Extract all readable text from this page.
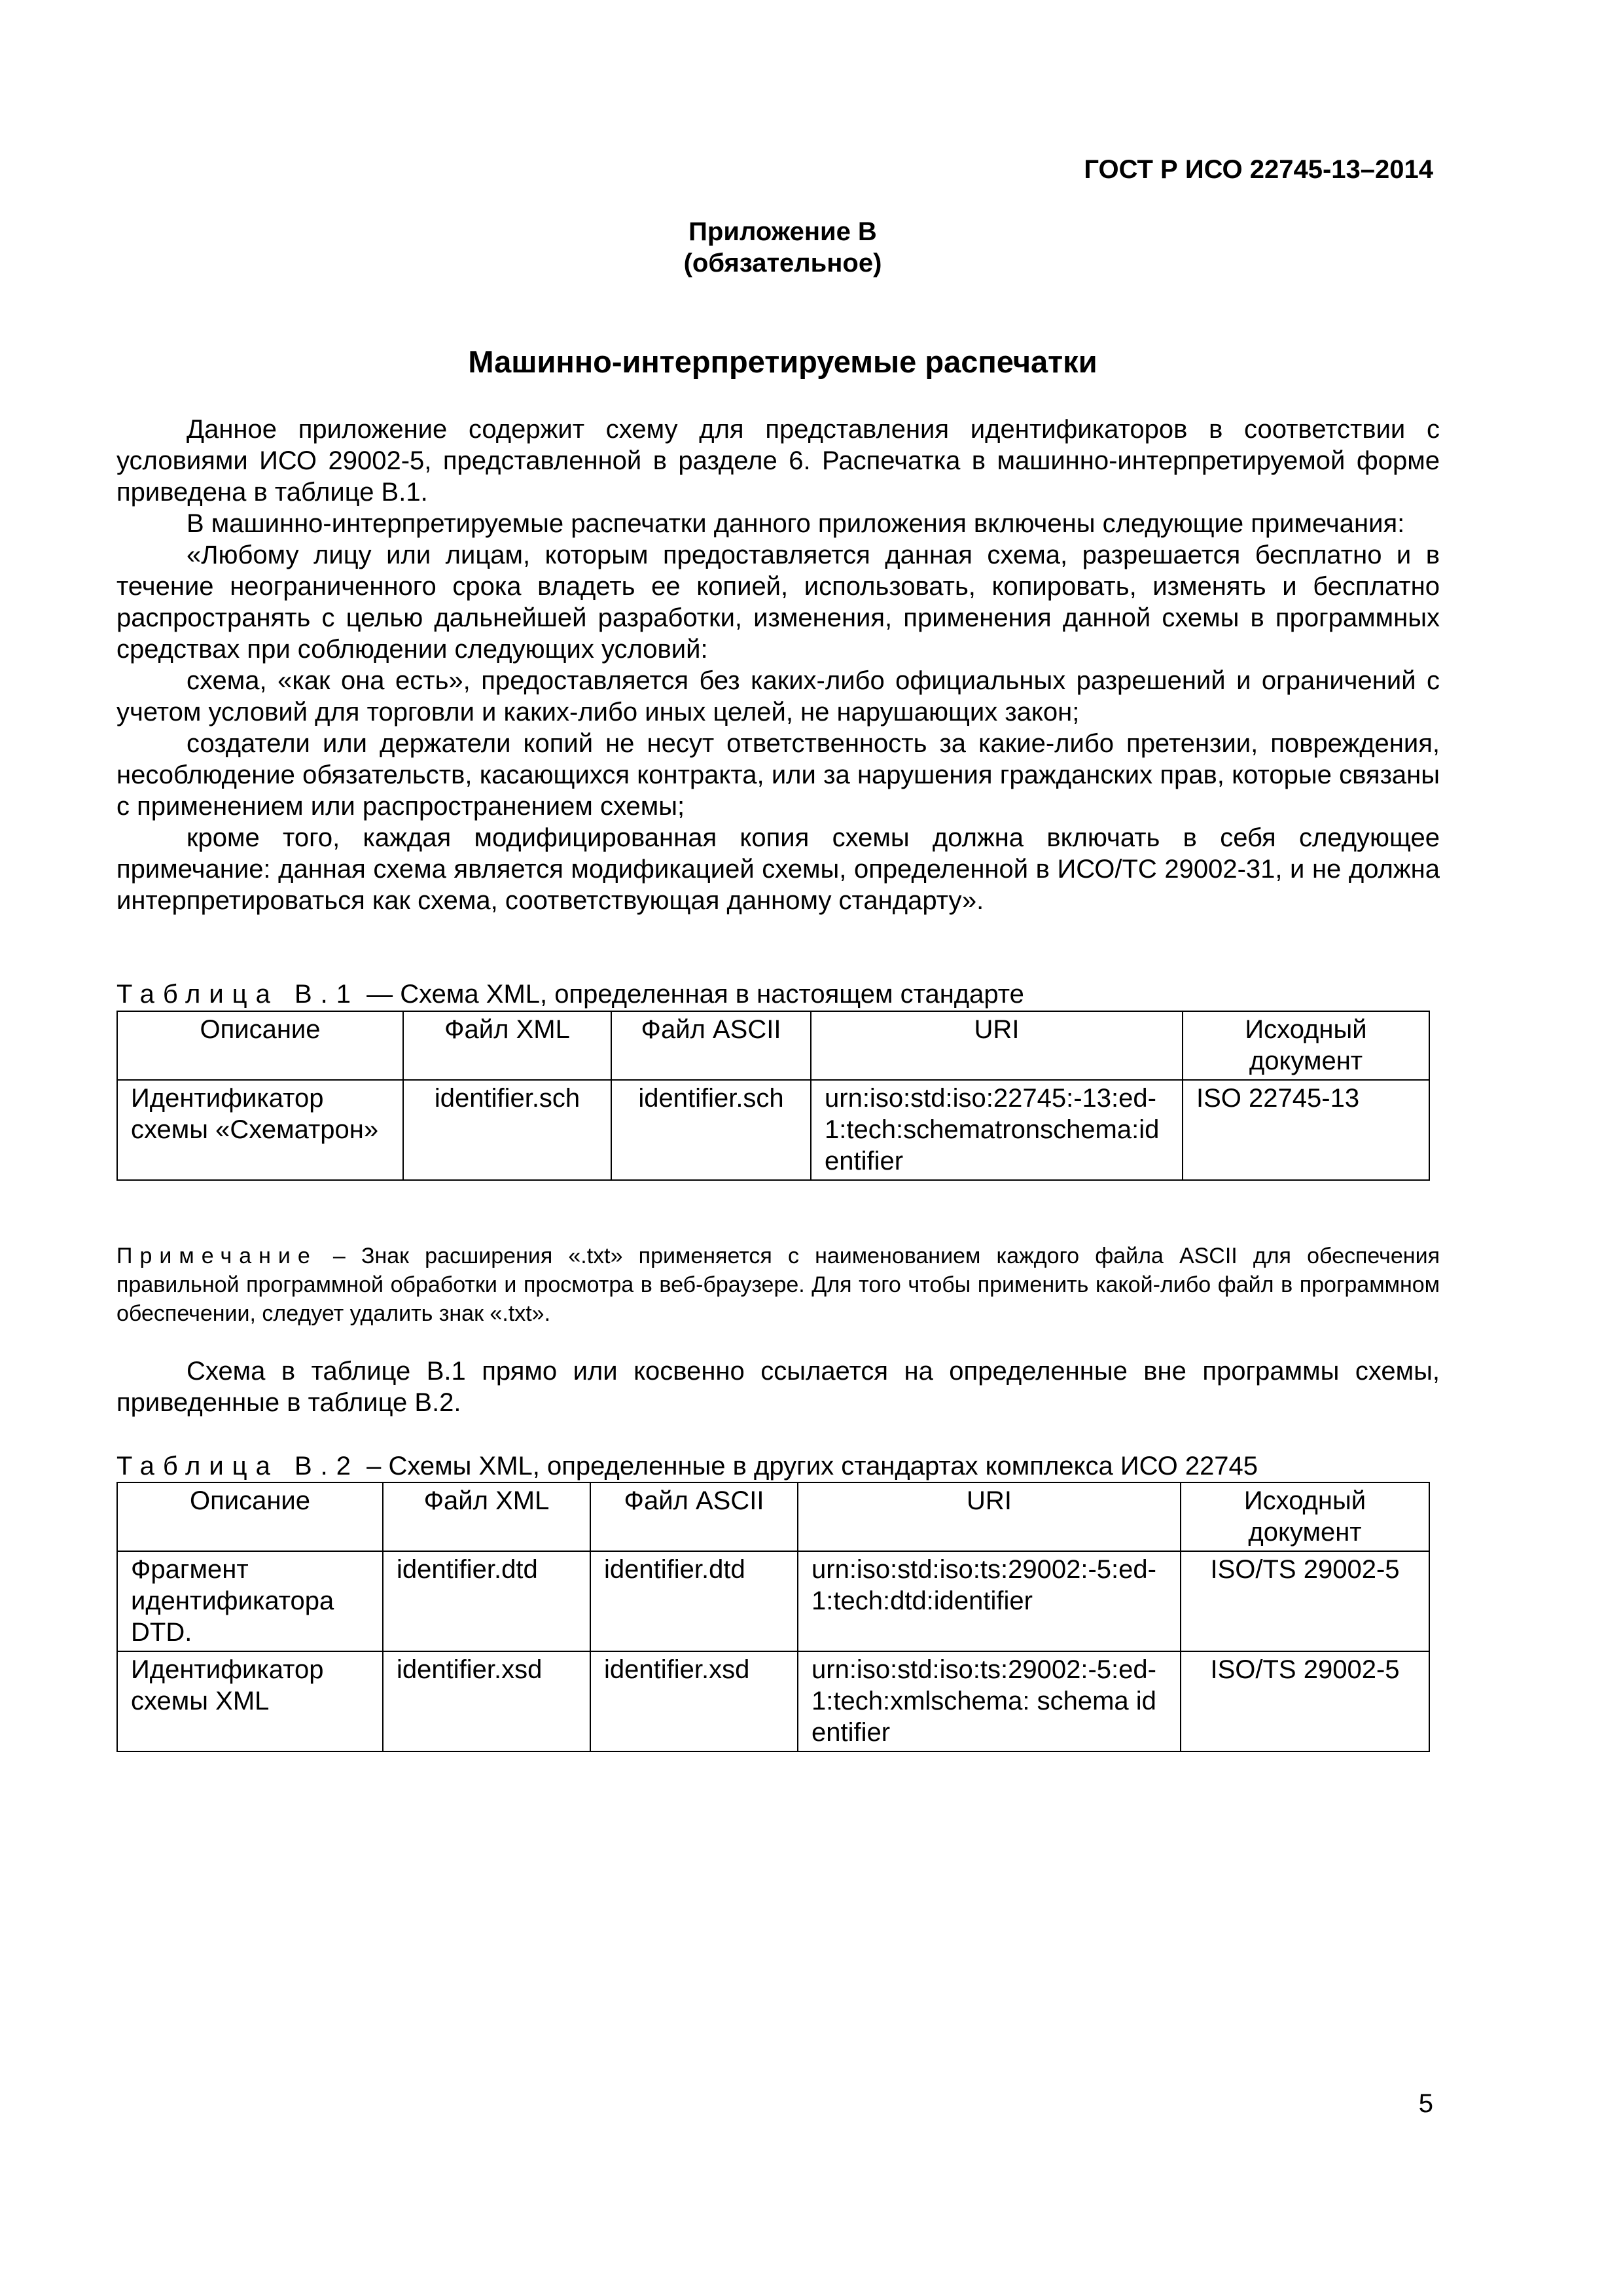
ГОСТ Р ИСО 22745-13–2014
Приложение В
(обязательное)
Машинно-интерпретируемые распечатки

Данное приложение содержит схему для представления идентификаторов в соответствии с условиями ИСО 29002-5, представленной в разделе 6. Распечатка в машинно-интерпретируемой форме приведена в таблице В.1.

В машинно-интерпретируемые распечатки данного приложения включены следующие примечания:

«Любому лицу или лицам, которым предоставляется данная схема, разрешается бесплатно и в течение неограниченного срока владеть ее копией, использовать, копировать, изменять и бесплатно распространять с целью дальнейшей разработки, изменения, применения данной схемы в программных средствах при соблюдении следующих условий:

схема, «как она есть», предоставляется без каких-либо официальных разрешений и ограничений с учетом условий для торговли и каких-либо иных целей, не нарушающих закон;

создатели или держатели копий не несут ответственность за какие-либо претензии, повреждения, несоблюдение обязательств, касающихся контракта, или за нарушения гражданских прав, которые связаны с применением или распространением схемы;

кроме того, каждая модифицированная копия схемы должна включать в себя следующее примечание: данная схема является модификацией схемы, определенной в ИСО/ТС 29002-31, и не должна интерпретироваться как схема, соответствующая данному стандарту».

Таблица В.1 — Схема XML, определенная в настоящем стандарте
Описание	Файл XML	Файл ASCII	URI	Исходный документ
Идентификатор схемы «Схематрон»	identifier.sch	identifier.sch	urn:iso:std:iso:22745:-13:ed-1:tech:schematronschema:identifier	ISO 22745-13
Примечание – Знак расширения «.txt» применяется с наименованием каждого файла ASCII для обеспечения правильной программной обработки и просмотра в веб-браузере. Для того чтобы применить какой-либо файл в программном обеспечении, следует удалить знак «.txt».

Схема в таблице В.1 прямо или косвенно ссылается на определенные вне программы схемы, приведенные в таблице В.2.

Таблица В.2 – Схемы XML, определенные в других стандартах комплекса ИСО 22745
Описание	Файл XML	Файл ASCII	URI	Исходный документ
Фрагмент идентификатора DTD.	identifier.dtd	identifier.dtd	urn:iso:std:iso:ts:29002:-5:ed-1:tech:dtd:identifier	ISO/TS 29002-5
Идентификатор схемы XML	identifier.xsd	identifier.xsd	urn:iso:std:iso:ts:29002:-5:ed-1:tech:xmlschema: schema identifier	ISO/TS 29002-5
5
